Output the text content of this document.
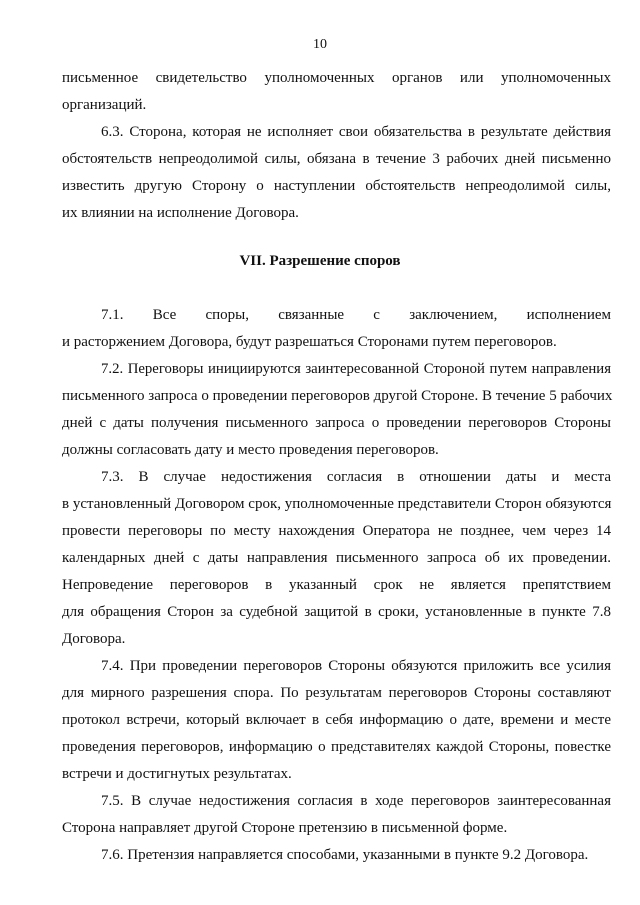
10
письменное свидетельство уполномоченных органов или уполномоченных
организаций.
6.3. Сторона, которая не исполняет свои обязательства в результате действия
обстоятельств непреодолимой силы, обязана в течение 3 рабочих дней письменно
известить другую Сторону о наступлении обстоятельств непреодолимой силы,
их влиянии на исполнение Договора.
VII. Разрешение споров
7.1. Все споры, связанные с заключением, исполнением
и расторжением Договора, будут разрешаться Сторонами путем переговоров.
7.2. Переговоры инициируются заинтересованной Стороной путем направления
письменного запроса о проведении переговоров другой Стороне. В течение 5 рабочих
дней с даты получения письменного запроса о проведении переговоров Стороны
должны согласовать дату и место проведения переговоров.
7.3. В случае недостижения согласия в отношении даты и места
в установленный Договором срок, уполномоченные представители Сторон обязуются
провести переговоры по месту нахождения Оператора не позднее, чем через 14
календарных дней с даты направления письменного запроса об их проведении.
Непроведение переговоров в указанный срок не является препятствием
для обращения Сторон за судебной защитой в сроки, установленные в пункте 7.8
Договора.
7.4. При проведении переговоров Стороны обязуются приложить все усилия
для мирного разрешения спора. По результатам переговоров Стороны составляют
протокол встречи, который включает в себя информацию о дате, времени и месте
проведения переговоров, информацию о представителях каждой Стороны, повестке
встречи и достигнутых результатах.
7.5. В случае недостижения согласия в ходе переговоров заинтересованная
Сторона направляет другой Стороне претензию в письменной форме.
7.6. Претензия направляется способами, указанными в пункте 9.2 Договора.
